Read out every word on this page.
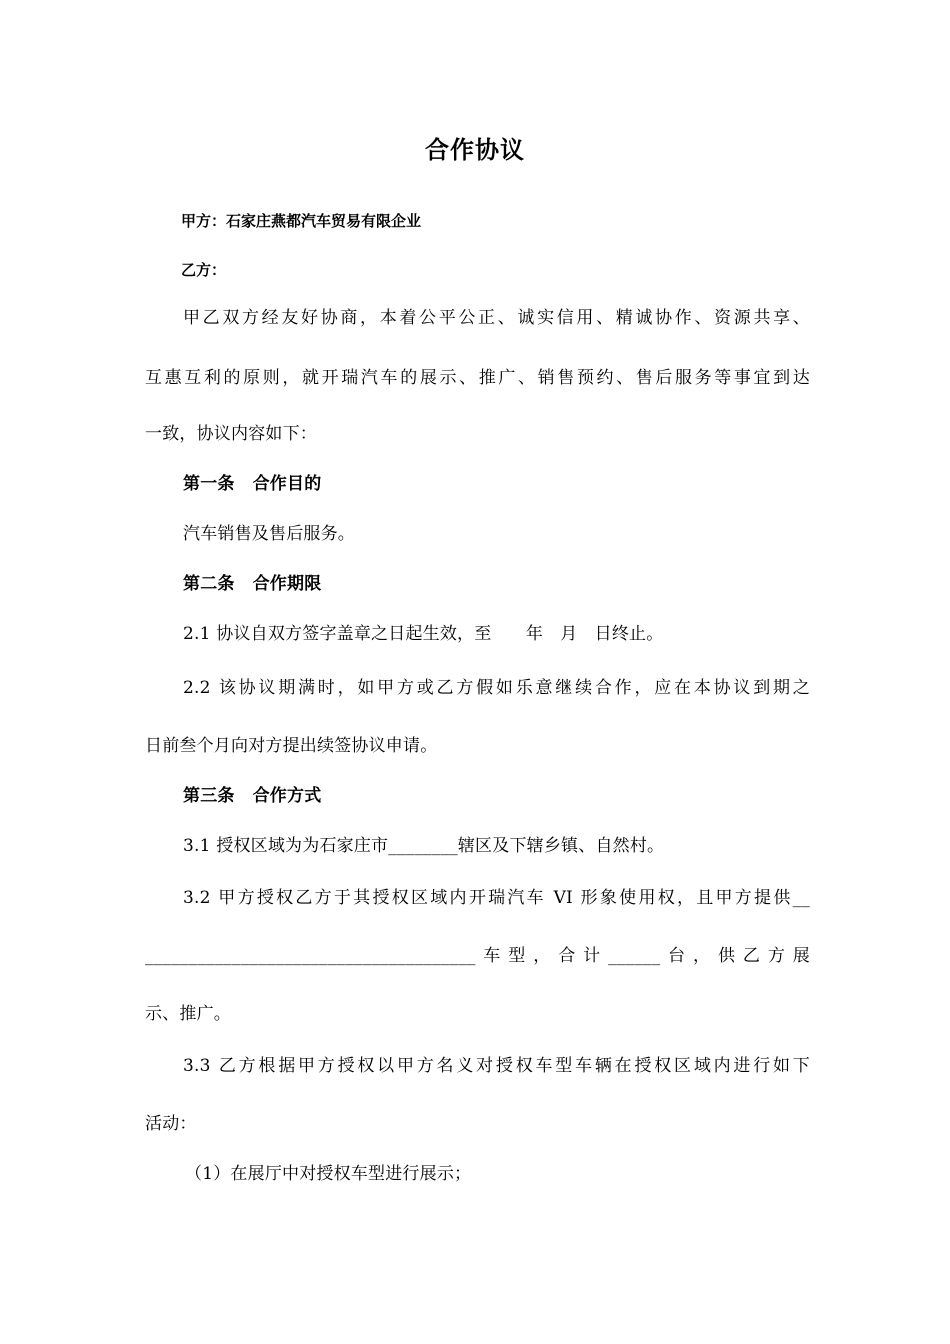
合作协议
甲方：石家庄燕都汽车贸易有限企业
乙方：
甲乙双方经友好协商，本着公平公正、诚实信用、精诚协作、资源共享、
互惠互利的原则，就开瑞汽车的展示、推广、销售预约、售后服务等事宜到达
一致，协议内容如下：
第一条 合作目的
汽车销售及售后服务。
第二条 合作期限
2.1 协议自双方签字盖章之日起生效，至　　年　月　日终止。
2.2 该协议期满时，如甲方或乙方假如乐意继续合作，应在本协议到期之
日前叁个月向对方提出续签协议申请。
第三条 合作方式
3.1 授权区域为为石家庄市________辖区及下辖乡镇、自然村。
3.2 甲方授权乙方于其授权区域内开瑞汽车 VI 形象使用权，且甲方提供__
______________________________________车型，合计______台，供乙方展
示、推广。
3.3 乙方根据甲方授权以甲方名义对授权车型车辆在授权区域内进行如下
活动：
（1）在展厅中对授权车型进行展示；
